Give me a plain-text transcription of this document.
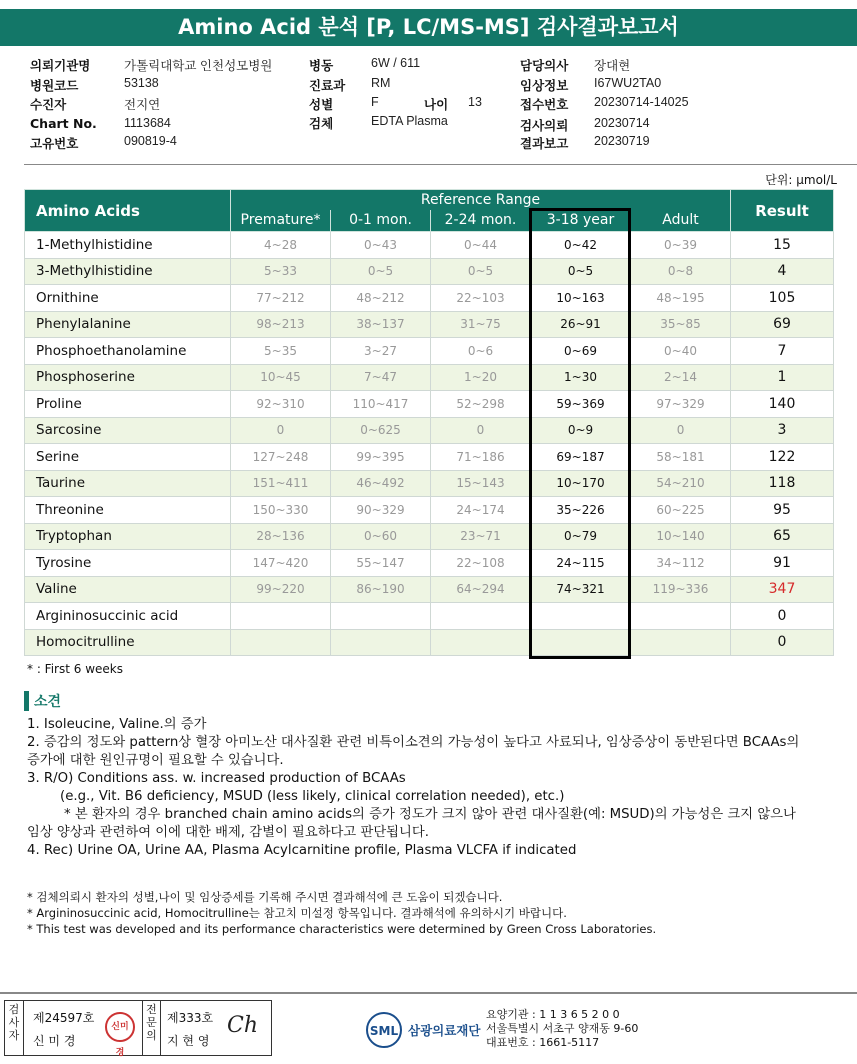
Amino Acid 분석 [P, LC/MS-MS] 검사결과보고서
의뢰기관명	가톨릭대학교 인천성모병원
병원코드	53138
수진자	전지연
Chart No. 1113684
고유번호	090819-4
병동	6W / 611
진료과 RM
성별	F	나이 13
검체	EDTA Plasma
담당의사 장대현
임상정보 I67WU2TA0
접수번호 20230714-14025
검사의뢰 20230714
결과보고 20230719
단위: μmol/L
Amino Acids	Reference Range					Result
	Premature*	0-1 mon.	2-24 mon.	3-18 year	Adult	
1-Methylhistidine	4~28	0~43	0~44	0~42	0~39	15
3-Methylhistidine	5~33	0~5	0~5	0~5	0~8	4
Ornithine	77~212	48~212	22~103	10~163	48~195	105
Phenylalanine	98~213	38~137	31~75	26~91	35~85	69
Phosphoethanolamine	5~35	3~27	0~6	0~69	0~40	7
Phosphoserine	10~45	7~47	1~20	1~30	2~14	1
Proline	92~310	110~417	52~298	59~369	97~329	140
Sarcosine	0	0~625	0	0~9	0	3
Serine	127~248	99~395	71~186	69~187	58~181	122
Taurine	151~411	46~492	15~143	10~170	54~210	118
Threonine	150~330	90~329	24~174	35~226	60~225	95
Tryptophan	28~136	0~60	23~71	0~79	10~140	65
Tyrosine	147~420	55~147	22~108	24~115	34~112	91
Valine	99~220	86~190	64~294	74~321	119~336	347
Argininosuccinic acid						0
Homocitrulline						0
* : First 6 weeks
소견
1. Isoleucine, Valine.의 증가
2. 증감의 정도와 pattern상 혈장 아미노산 대사질환 관련 비특이소견의 가능성이 높다고 사료되나, 임상증상이 동반된다면 BCAAs의
증가에 대한 원인규명이 필요할 수 있습니다.
3. R/O) Conditions ass. w. increased production of BCAAs
(e.g., Vit. B6 deficiency, MSUD (less likely, clinical correlation needed), etc.)
* 본 환자의 경우 branched chain amino acids의 증가 정도가 크지 않아 관련 대사질환(예: MSUD)의 가능성은 크지 않으나
임상 양상과 관련하여 이에 대한 배제, 감별이 필요하다고 판단됩니다.
4. Rec) Urine OA, Urine AA, Plasma Acylcarnitine profile, Plasma VLCFA if indicated
* 검체의뢰시 환자의 성별,나이 및 임상증세를 기록해 주시면 결과해석에 큰 도움이 되겠습니다.
* Argininosuccinic acid, Homocitrulline는 참고치 미설정 항목입니다. 결과해석에 유의하시기 바랍니다.
* This test was developed and its performance characteristics were determined by Green Cross Laboratories.
검사자
제24597호
신 미 경
신미경
전문의
제333호
지 현 영
Ch	SML 삼광의료재단
요양기관 : 1 1 3 6 5 2 0 0
서울특별시 서초구 양재동 9-60
대표번호 : 1661-5117
